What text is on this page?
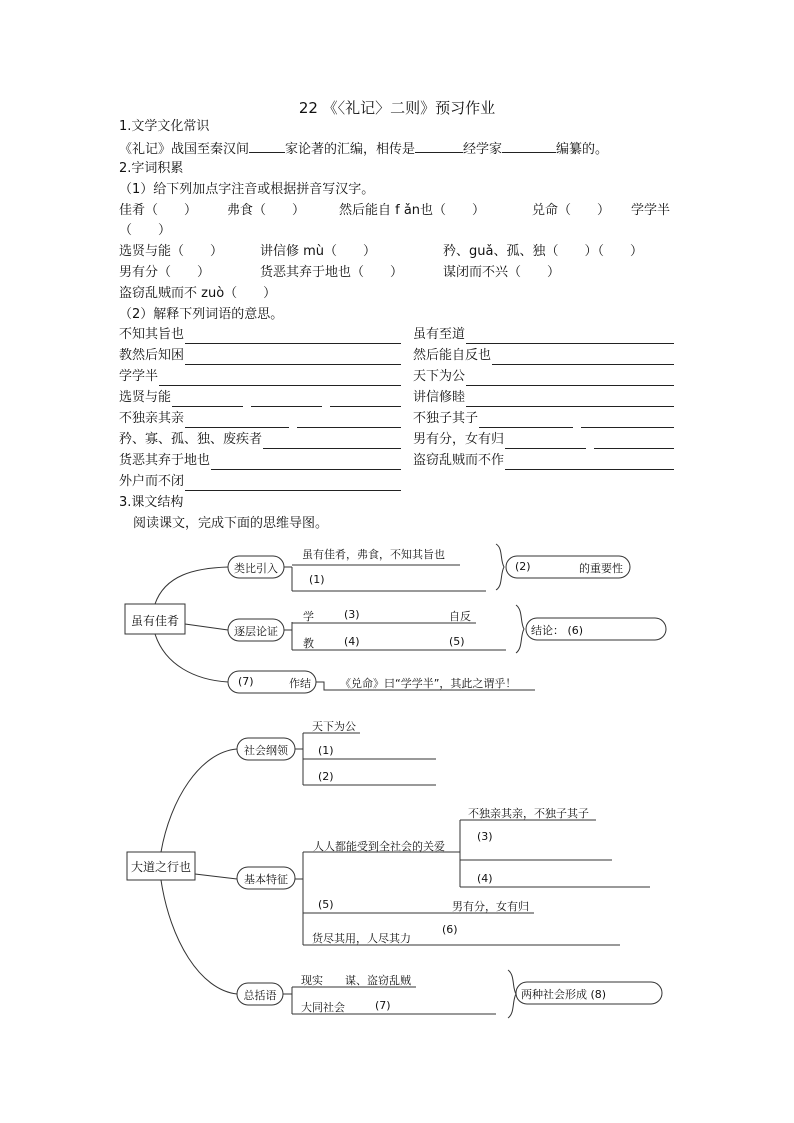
22 《〈礼记〉二则》预习作业
1.文学文化常识
《礼记》战国至秦汉间	家论著的汇编，相传是	经学家	编纂的。
2.字词积累
（1）给下列加点字注音或根据拼音写汉字。
佳肴（　　） 弗食（　　）	然后能自 f ǎn也（　　）	兑命（　　） 学学半
（　　）
选贤与能（　　）	讲信修 mù（　　）	矜、guǎ、孤、独（　　）（　　）
男有分（　　）	货恶其弃于地也（　　）	谋闭而不兴（　　）
盗窃乱贼而不 zuò（　　）
（2）解释下列词语的意思。
不知其旨也	虽有至道
教然后知困	然后能自反也
学学半	天下为公
选贤与能	讲信修睦
不独亲其亲	不独子其子
矜、寡、孤、独、废疾者	男有分，女有归
货恶其弃于地也	盗窃乱贼而不作
外户而不闭
3.课文结构
阅读课文，完成下面的思维导图。
虽有佳肴
类比引入
虽有佳肴，弗食，不知其旨也
(1)
(2)	的重要性
逐层论证
学	(3)	自反
教	(4)	(5)
结论： (6)
(7)	作结	《兑命》曰“学学半”，其此之谓乎！
大道之行也
社会纲领
天下为公
(1)
(2)
基本特征
人人都能受到全社会的关爱
不独亲其亲，不独子其子
(3)
(4)
(5)	男有分，女有归
货尽其用，人尽其力
(6)
总括语
现实 谋、盗窃乱贼
大同社会	(7)
两种社会形成 (8)
